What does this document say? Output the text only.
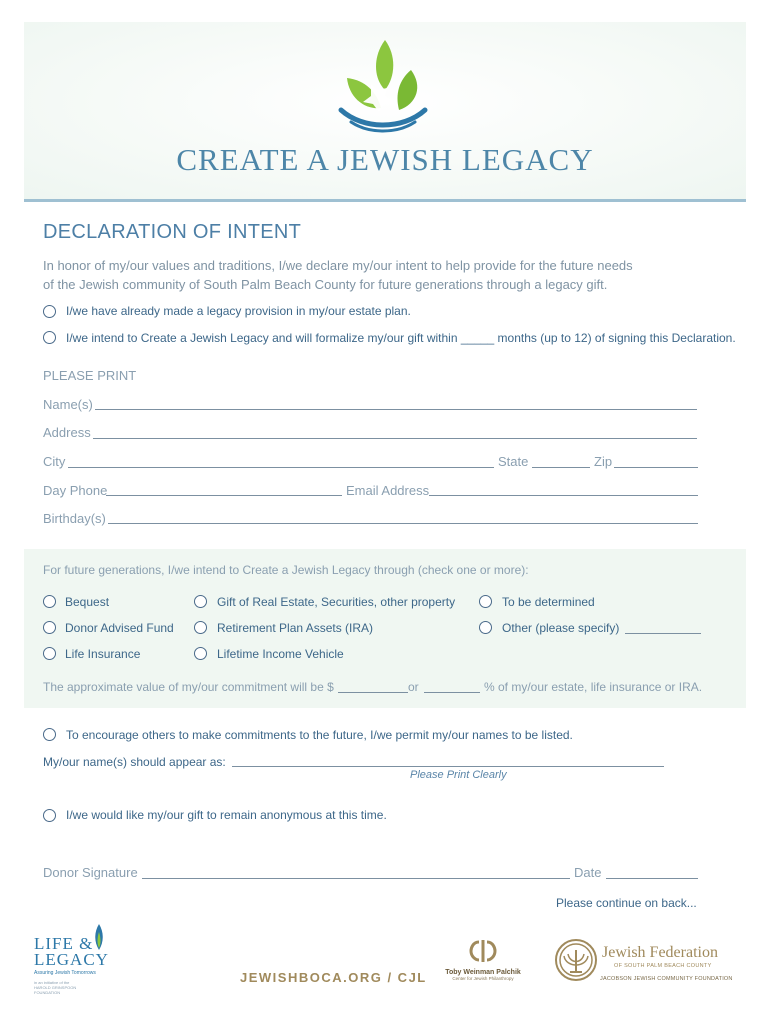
CREATE A JEWISH LEGACY
DECLARATION OF INTENT
In honor of my/our values and traditions, I/we declare my/our intent to help provide for the future needs
of the Jewish community of South Palm Beach County for future generations through a legacy gift.
I/we have already made a legacy provision in my/our estate plan.
I/we intend to Create a Jewish Legacy and will formalize my/our gift within _____ months (up to 12) of signing this Declaration.
PLEASE PRINT
Name(s)
Address
City	State	Zip
Day Phone	Email Address
Birthday(s)
For future generations, I/we intend to Create a Jewish Legacy through (check one or more):
Bequest
Donor Advised Fund
Life Insurance
Gift of Real Estate, Securities, other property
Retirement Plan Assets (IRA)
Lifetime Income Vehicle
To be determined
Other (please specify)
The approximate value of my/our commitment will be $	or	% of my/our estate, life insurance or IRA.
To encourage others to make commitments to the future, I/we permit my/our names to be listed.
My/our name(s) should appear as:
Please Print Clearly
I/we would like my/our gift to remain anonymous at this time.
Donor Signature	Date
Please continue on back...
LIFE &
LEGACY
Assuring Jewish Tomorrows
in an initiative of the
HAROLD GRINSPOON
FOUNDATION
JEWISHBOCA.ORG / CJL	Toby Weinman Palchik
Center for Jewish Philanthropy
Jewish Federation
OF SOUTH PALM BEACH COUNTY
JACOBSON JEWISH COMMUNITY FOUNDATION
